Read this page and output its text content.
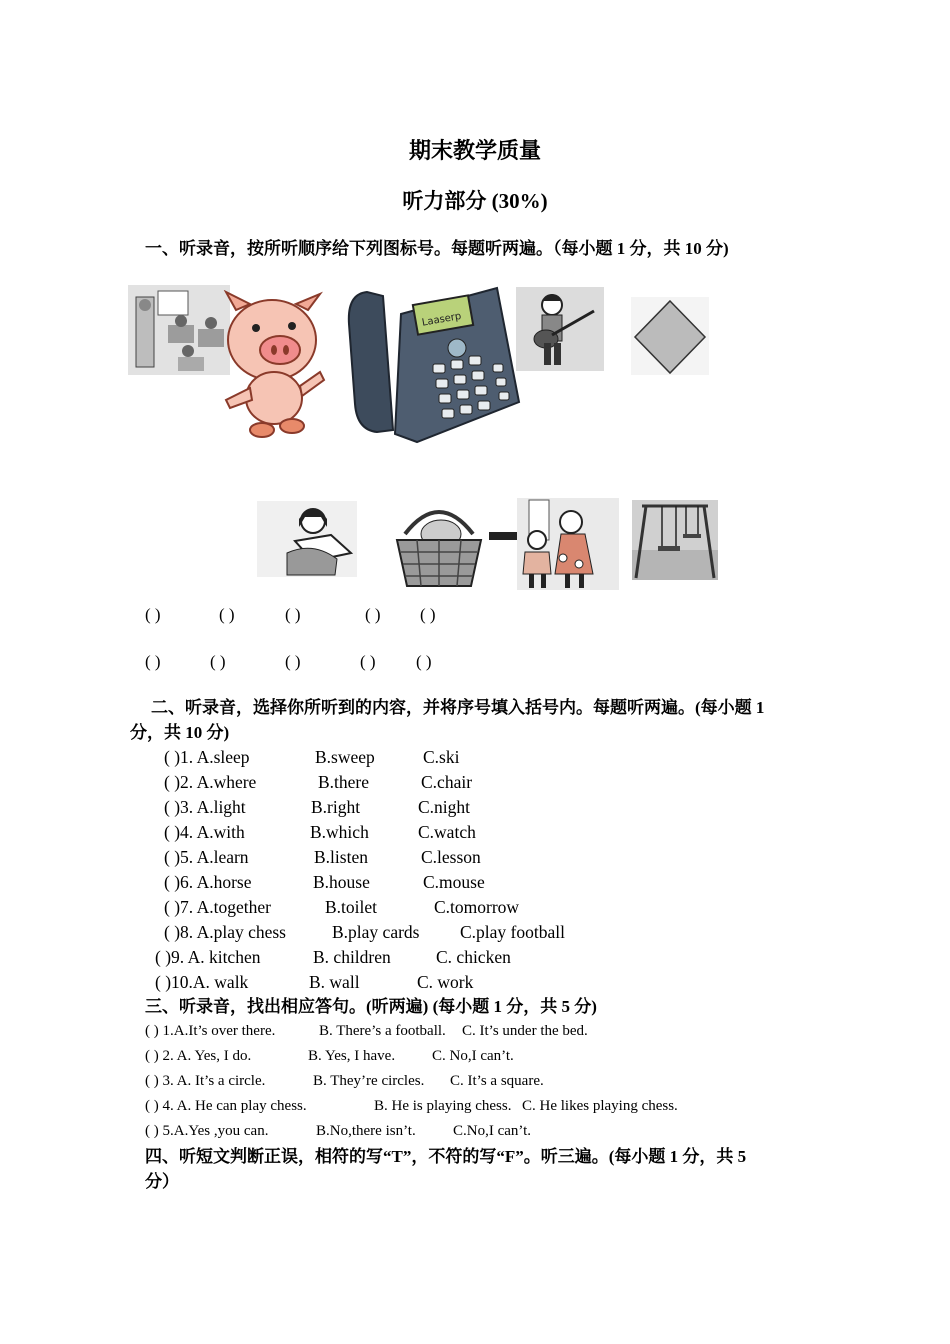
期末教学质量
听力部分 (30%)
一、听录音，按所听顺序给下列图标号。每题听两遍。（每小题 1 分，共 10 分)
Laaserp
( )	( )	( )	( ) ( )
( )	( )	( )	( ) ( )
二、听录音，选择你所听到的内容，并将序号填入括号内。每题听两遍。(每小题 1
分，共 10 分)
( )1. A.sleep	B.sweep	C.ski
( )2. A.where	B.there	C.chair
( )3. A.light	B.right	C.night
( )4. A.with	B.which	C.watch
( )5. A.learn	B.listen	C.lesson
( )6. A.horse	B.house	C.mouse
( )7. A.together	B.toilet	C.tomorrow
( )8. A.play chess	B.play cards C.play football
( )9. A. kitchen	B. children	C. chicken
( )10.A. walk	B. wall	C. work
三、听录音，找出相应答句。(听两遍) (每小题 1 分，共 5 分)
( ) 1.A.It’s over there.	B. There’s a football. C. It’s under the bed.
( ) 2. A. Yes, I do.	B. Yes, I have. C. No,I can’t.
( ) 3. A. It’s a circle.	B. They’re circles. C. It’s a square.
( ) 4. A. He can play chess.	B. He is playing chess. C. He likes playing chess.
( ) 5.A.Yes ,you can.	B.No,there isn’t. C.No,I can’t.
四、听短文判断正误，相符的写“T”，不符的写“F”。听三遍。(每小题 1 分，共 5
分）
